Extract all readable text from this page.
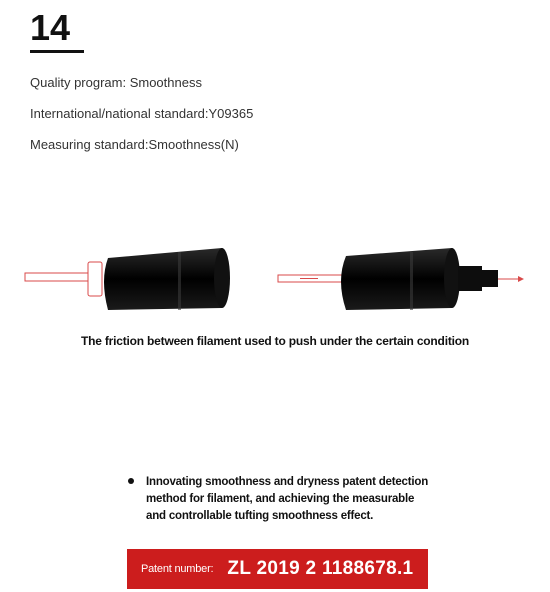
14
Quality program: Smoothness
International/national standard:Y09365
Measuring standard:Smoothness(N)
The friction between filament used to push under the certain condition
Innovating smoothness and dryness patent detection method for filament, and achieving the measurable and controllable tufting smoothness effect.
Patent number: ZL 2019 2 1188678.1
